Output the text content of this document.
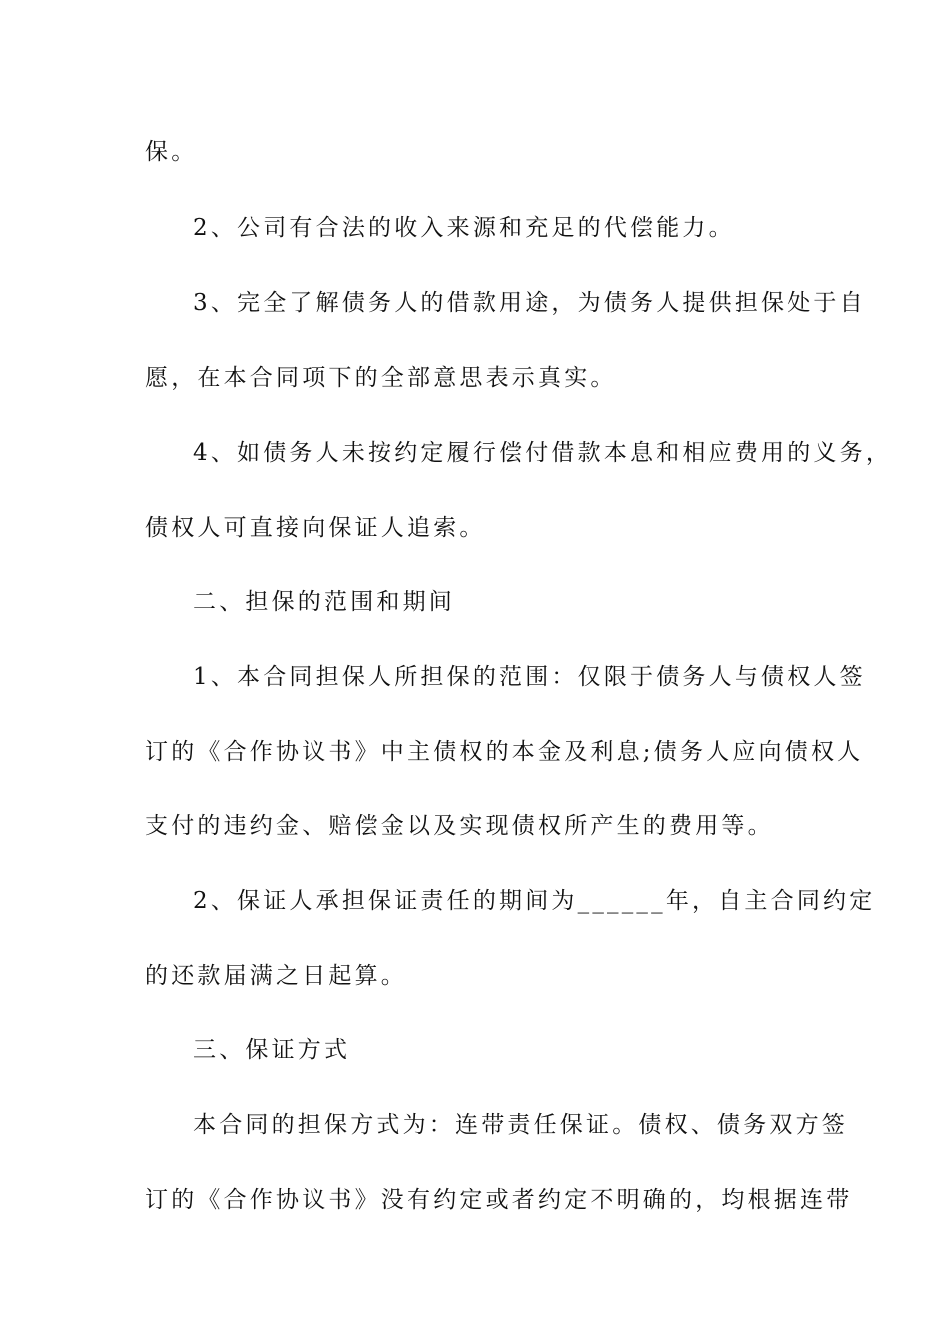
保。
2、公司有合法的收入来源和充足的代偿能力。
3、完全了解债务人的借款用途，为债务人提供担保处于自
愿，在本合同项下的全部意思表示真实。
4、如债务人未按约定履行偿付借款本息和相应费用的义务，
债权人可直接向保证人追索。
二、担保的范围和期间
1、本合同担保人所担保的范围：仅限于债务人与债权人签
订的《合作协议书》中主债权的本金及利息;债务人应向债权人
支付的违约金、赔偿金以及实现债权所产生的费用等。
2、保证人承担保证责任的期间为______年，自主合同约定
的还款届满之日起算。
三、保证方式
本合同的担保方式为：连带责任保证。债权、债务双方签
订的《合作协议书》没有约定或者约定不明确的，均根据连带
